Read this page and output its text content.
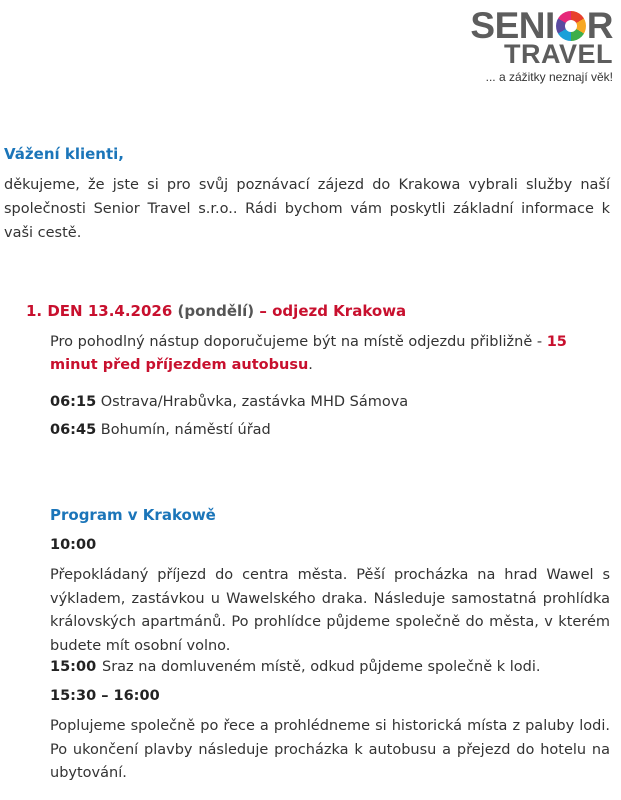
SENI R
TRAVEL
... a zážitky neznají věk!
Vážení klienti,

děkujeme, že jste si pro svůj poznávací zájezd do Krakowa vybrali služby naší společnosti Senior Travel s.r.o.. Rádi bychom vám poskytli základní informace k vaši cestě.

1. DEN 13.4.2026 (pondělí) – odjezd Krakowa

Pro pohodlný nástup doporučujeme být na místě odjezdu přibližně - 15 minut před příjezdem autobusu.

06:15 Ostrava/Hrabůvka, zastávka MHD Sámova
06:45 Bohumín, náměstí úřad
Program v Krakowě
10:00

Přepokládaný příjezd do centra města. Pěší procházka na hrad Wawel s výkladem, zastávkou u Wawelského draka. Následuje samostatná prohlídka královských apartmánů. Po prohlídce půjdeme společně do města, v kterém budete mít osobní volno.

15:00 Sraz na domluveném místě, odkud půjdeme společně k lodi.

15:30 – 16:00

Poplujeme společně po řece a prohlédneme si historická místa z paluby lodi. Po ukončení plavby následuje procházka k autobusu a přejezd do hotelu na ubytování.
